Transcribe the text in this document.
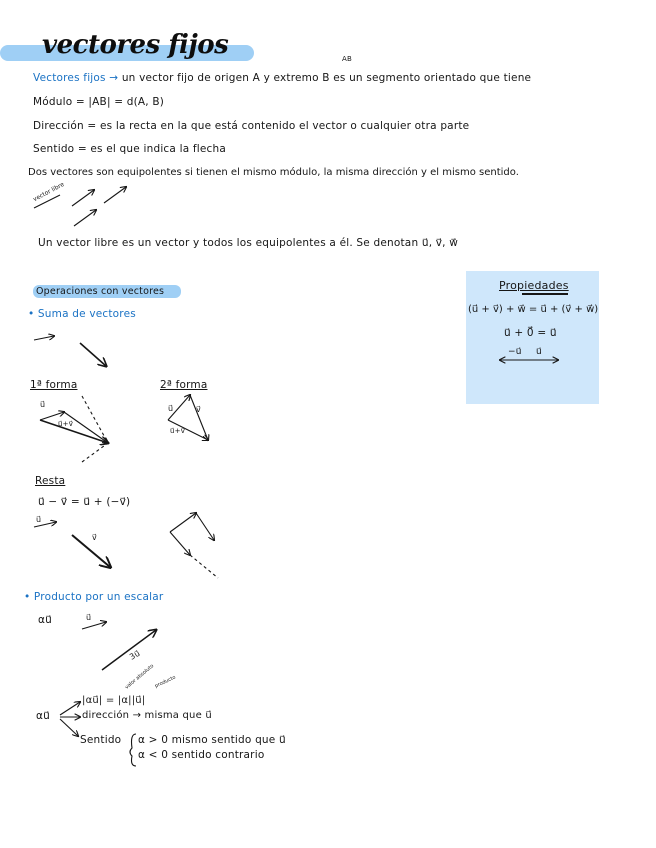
vectores fijos	AB
Vectores fijos → un vector fijo de origen A y extremo B es un segmento orientado que tiene
Módulo = |AB| = d(A, B)
Dirección = es la recta en la que está contenido el vector o cualquier otra parte
Sentido = es el que indica la flecha
Dos vectores son equipolentes si tienen el mismo módulo, la misma dirección y el mismo sentido.
vector libre
Un vector libre es un vector y todos los equipolentes a él. Se denotan u⃗, v⃗, w⃗
Operaciones con vectores
• Suma de vectores
Propiedades
(u⃗ + v⃗) + w⃗ = u⃗ + (v⃗ + w⃗)
u⃗ + 0⃗ = u⃗
−u⃗ u⃗
1ª forma	2ª forma
u⃗
u⃗+v⃗
u⃗	v⃗
u⃗+v⃗
Resta
u⃗ − v⃗ = u⃗ + (−v⃗)
u⃗
v⃗
• Producto por un escalar
αu⃗	u⃗
3u⃗
αu⃗
|αu⃗| = |α||u⃗|
valor absoluto
producto
dirección → misma que u⃗
Sentido α > 0 mismo sentido que u⃗
α < 0 sentido contrario
